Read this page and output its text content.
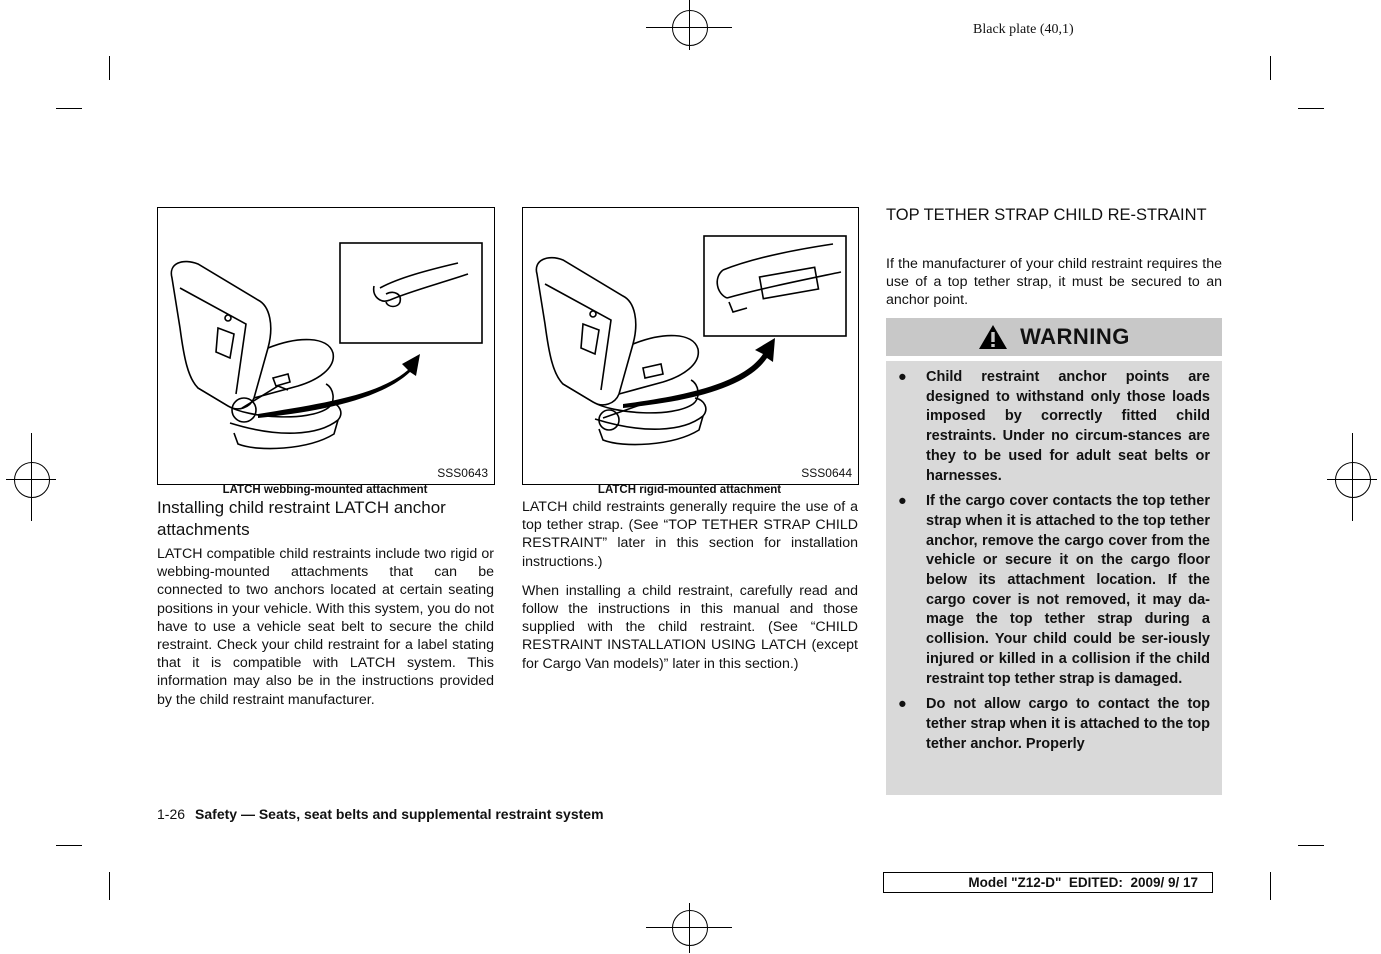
Black plate (40,1)
SSS0643
LATCH webbing-mounted attachment
SSS0644
LATCH rigid-mounted attachment
Installing child restraint LATCH anchor attachments

LATCH compatible child restraints include two rigid or webbing-mounted attachments that can be connected to two anchors located at certain seating positions in your vehicle. With this system, you do not have to use a vehicle seat belt to secure the child restraint. Check your child restraint for a label stating that it is compatible with LATCH system. This information may also be in the instructions provided by the child restraint manufacturer.

LATCH child restraints generally require the use of a top tether strap. (See “TOP TETHER STRAP CHILD RESTRAINT” later in this section for installation instructions.)

When installing a child restraint, carefully read and follow the instructions in this manual and those supplied with the child restraint. (See “CHILD RESTRAINT INSTALLATION USING LATCH (except for Cargo Van models)” later in this section.)

TOP TETHER STRAP CHILD RE-STRAINT

If the manufacturer of your child restraint requires the use of a top tether strap, it must be secured to an anchor point.

WARNING
●	Child restraint anchor points are designed to withstand only those loads imposed by correctly fitted child restraints. Under no circum-stances are they to be used for adult seat belts or harnesses.
●	If the cargo cover contacts the top tether strap when it is attached to the top tether anchor, remove the cargo cover from the vehicle or secure it on the cargo floor below its attachment location. If the cargo cover is not removed, it may da-mage the top tether strap during a collision. Your child could be ser-iously injured or killed in a collision if the child restraint top tether strap is damaged.
●	Do not allow cargo to contact the top tether strap when it is attached to the top tether anchor. Properly
1-26 Safety — Seats, seat belts and supplemental restraint system
Model "Z12-D" EDITED: 2009/ 9/ 17
